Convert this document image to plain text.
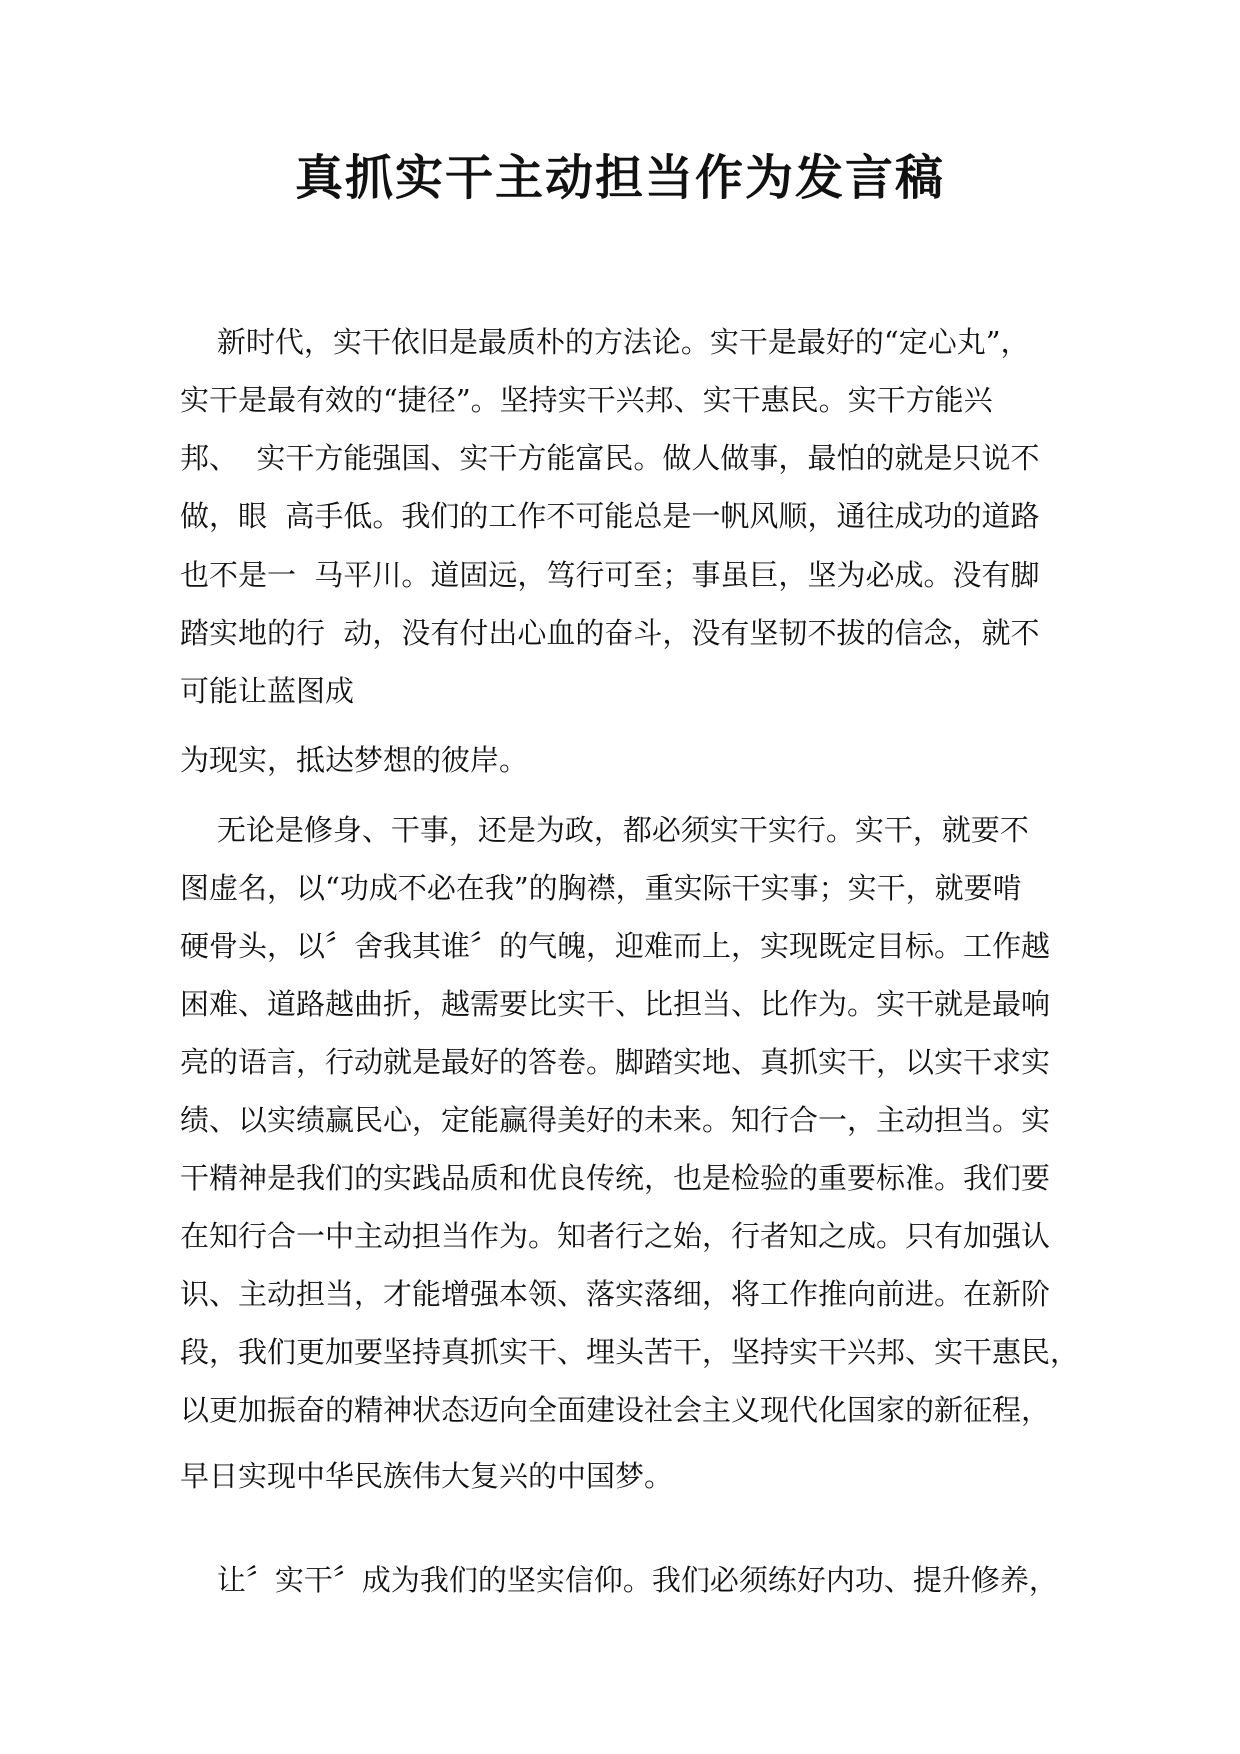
真抓实干主动担当作为发言稿

新时代，实干依旧是最质朴的方法论。实干是最好的“定心丸”，

实干是最有效的“捷径”。坚持实干兴邦、实干惠民。实干方能兴

邦、  实干方能强国、实干方能富民。做人做事，最怕的就是只说不

做，眼  高手低。我们的工作不可能总是一帆风顺，通往成功的道路

也不是一  马平川。道固远，笃行可至；事虽巨，坚为必成。没有脚

踏实地的行  动，没有付出心血的奋斗，没有坚韧不拔的信念，就不

可能让蓝图成

为现实，抵达梦想的彼岸。

无论是修身、干事，还是为政，都必须实干实行。实干，就要不

图虚名，以“功成不必在我”的胸襟，重实际干实事；实干，就要啃

硬骨头，以〞舍我其谁〞的气魄，迎难而上，实现既定目标。工作越

困难、道路越曲折，越需要比实干、比担当、比作为。实干就是最响

亮的语言，行动就是最好的答卷。脚踏实地、真抓实干，以实干求实

绩、以实绩赢民心，定能赢得美好的未来。知行合一，主动担当。实

干精神是我们的实践品质和优良传统，也是检验的重要标准。我们要

在知行合一中主动担当作为。知者行之始，行者知之成。只有加强认

识、主动担当，才能增强本领、落实落细，将工作推向前进。在新阶

段，我们更加要坚持真抓实干、埋头苦干，坚持实干兴邦、实干惠民，

以更加振奋的精神状态迈向全面建设社会主义现代化国家的新征程，

早日实现中华民族伟大复兴的中国梦。

让〞实干〞成为我们的坚实信仰。我们必须练好内功、提升修养，
